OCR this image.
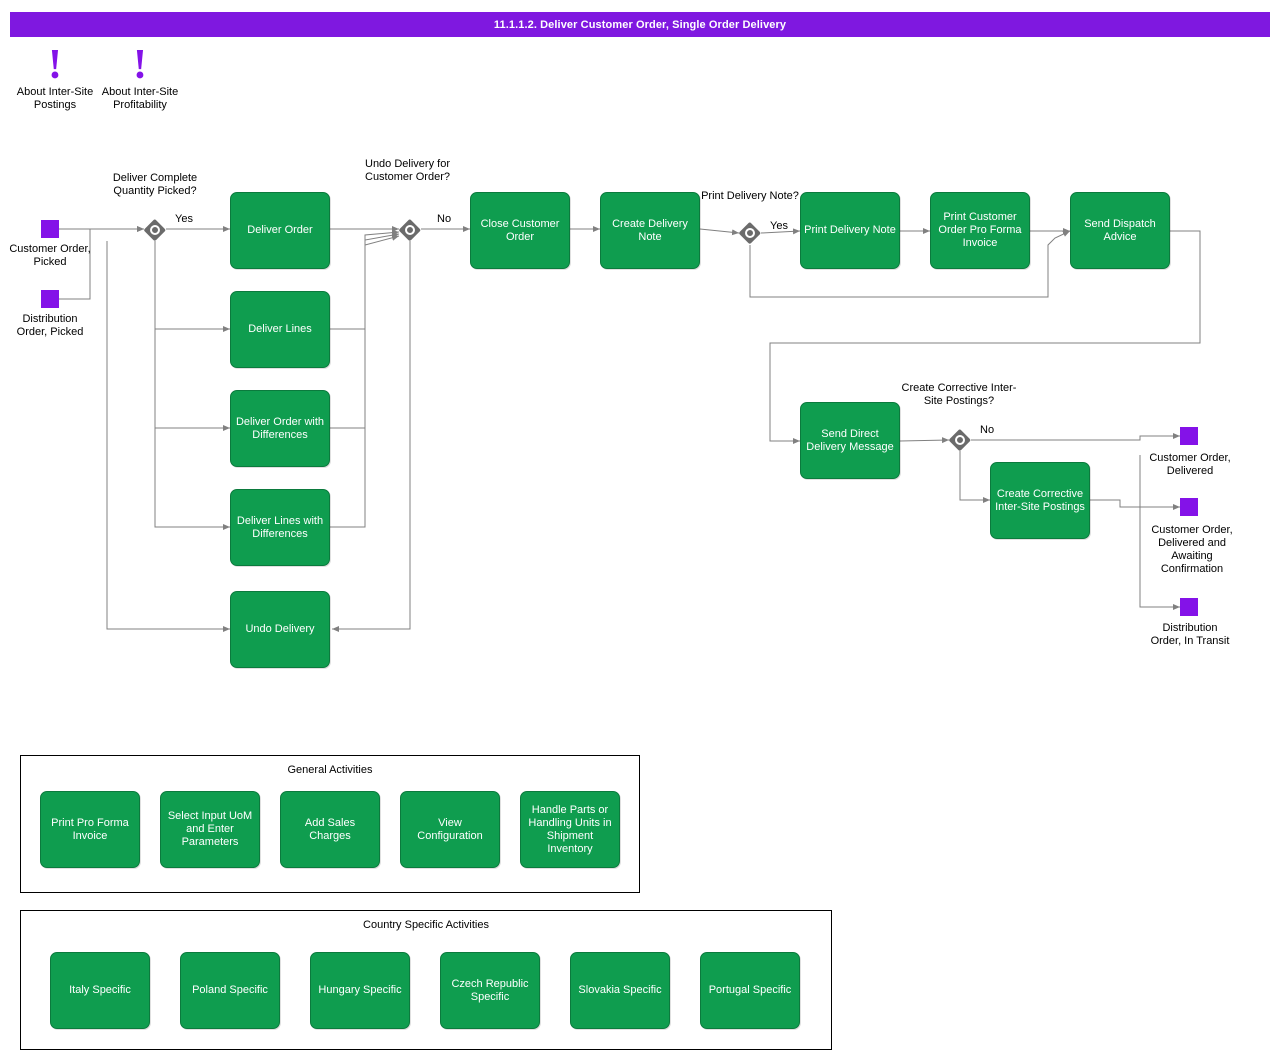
11.1.1.2. Deliver Customer Order, Single Order Delivery
!
About Inter-Site Postings
!
About Inter-Site Profitability
Customer Order, Picked
Distribution Order, Picked
Customer Order, Delivered
Customer Order, Delivered and Awaiting Confirmation
Distribution Order, In Transit
Deliver Complete Quantity Picked?
Yes
Undo Delivery for Customer Order?
No
Print Delivery Note?
Yes
Create Corrective Inter-Site Postings?
No
Deliver Order
Deliver Lines
Deliver Order with Differences
Deliver Lines with Differences
Undo Delivery
Close Customer Order
Create Delivery Note
Print Delivery Note
Print Customer Order Pro Forma Invoice
Send Dispatch Advice
Send Direct Delivery Message
Create Corrective Inter-Site Postings
General Activities
Print Pro Forma Invoice
Select Input UoM and Enter Parameters
Add Sales Charges
View Configuration
Handle Parts or Handling Units in Shipment Inventory
Country Specific Activities
Italy Specific	Poland Specific	Hungary Specific
Czech Republic Specific
Slovakia Specific	Portugal Specific
